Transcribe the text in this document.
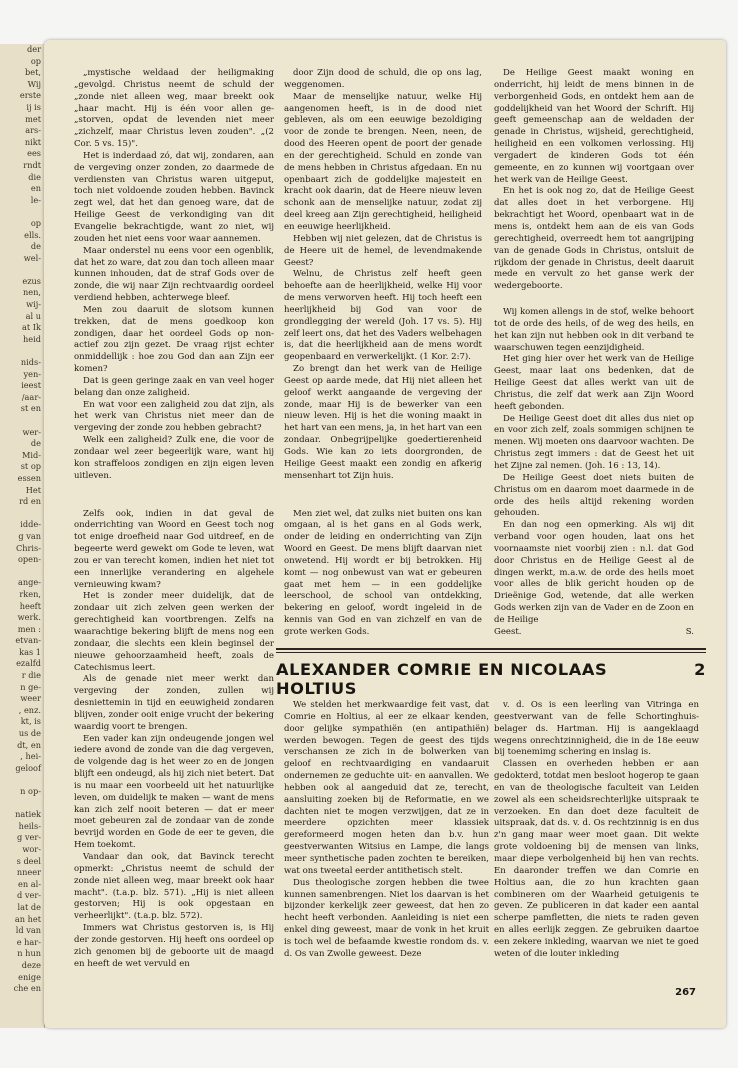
der
op
bet,
Wij
erste
ij is
met
ars-
nikt
ees
rndt
die
en
le-

op
ells.
de
wel-

ezus
nen,
wij-
al u
at Ik
heid

nids-
yen-
ieest
/aar-
st en

wer-
de
Mid-
st op
essen
Het
rd en

idde-
g van
Chris-
open-

ange-
rken,
heeft
werk.
men :
etvan-
kas 1
ezalfd
r die
n ge-
weer
, enz.
kt, is
us de
dt, en
, hei-
geloof

n op-

natiek
heils-
g ver-
wor-
s deel
nneer
en al-
d ver-
lat de
an het
ld van
e har-
n hun
deze
enige
che en

„mystische weldaad der heiligmaking „gevolgd. Christus neemt de schuld der „zonde niet alleen weg, maar breekt ook „haar macht. Hij is één voor allen ge-„storven, opdat de levenden niet meer „zichzelf, maar Christus leven zouden". „(2 Cor. 5 vs. 15)".

Het is inderdaad zó, dat wij, zondaren, aan de vergeving onzer zonden, zo daarmede de verdiensten van Christus waren uitgeput, toch niet voldoende zouden hebben. Bavinck zegt wel, dat het dan genoeg ware, dat de Heilige Geest de verkondiging van dit Evangelie bekrachtigde, want zo niet, wij zouden het niet eens voor waar aannemen.

Maar onderstel nu eens voor een ogenblik, dat het zo ware, dat zou dan toch alleen maar kunnen inhouden, dat de straf Gods over de zonde, die wij naar Zijn rechtvaardig oordeel verdiend hebben, achterwege bleef.

Men zou daaruit de slotsom kunnen trekken, dat de mens goedkoop kon zondigen, daar het oordeel Gods op non-actief zou zijn gezet. De vraag rijst echter onmiddellijk : hoe zou God dan aan Zijn eer komen?

Dat is geen geringe zaak en van veel hoger belang dan onze zaligheid.

En wat voor een zaligheid zou dat zijn, als het werk van Christus niet meer dan de vergeving der zonde zou hebben gebracht?

Welk een zaligheid? Zulk ene, die voor de zondaar wel zeer begeerlijk ware, want hij kon straffeloos zondigen en zijn eigen leven uitleven.

Zelfs ook, indien in dat geval de onderrichting van Woord en Geest toch nog tot enige droefheid naar God uitdreef, en de begeerte werd gewekt om Gode te leven, wat zou er van terecht komen, indien het niet tot een innerlijke verandering en algehele vernieuwing kwam?

Het is zonder meer duidelijk, dat de zondaar uit zich zelven geen werken der gerechtigheid kan voortbrengen. Zelfs na waarachtige bekering blijft de mens nog een zondaar, die slechts een klein beginsel der nieuwe gehoorzaamheid heeft, zoals de Catechismus leert.

Als de genade niet meer werkt dan vergeving der zonden, zullen wij desniettemin in tijd en eeuwigheid zondaren blijven, zonder ooit enige vrucht der bekering waardig voort te brengen.

Een vader kan zijn ondeugende jongen wel iedere avond de zonde van die dag vergeven, de volgende dag is het weer zo en de jongen blijft een ondeugd, als hij zich niet betert. Dat is nu maar een voorbeeld uit het natuurlijke leven, om duidelijk te maken — want de mens kan zich zelf nooit beteren — dat er meer moet gebeuren zal de zondaar van de zonde bevrijd worden en Gode de eer te geven, die Hem toekomt.

Vandaar dan ook, dat Bavinck terecht opmerkt: „Christus neemt de schuld der zonde niet alleen weg, maar breekt ook haar macht". (t.a.p. blz. 571). „Hij is niet alleen gestorven; Hij is ook opgestaan en verheerlijkt". (t.a.p. blz. 572).

Immers wat Christus gestorven is, is Hij der zonde gestorven. Hij heeft ons oordeel op zich genomen bij de geboorte uit de maagd en heeft de wet vervuld en

door Zijn dood de schuld, die op ons lag, weggenomen.

Maar de menselijke natuur, welke Hij aangenomen heeft, is in de dood niet gebleven, als om een eeuwige bezoldiging voor de zonde te brengen. Neen, neen, de dood des Heeren opent de poort der genade en der gerechtigheid. Schuld en zonde van de mens hebben in Christus afgedaan. En nu openbaart zich de goddelijke majesteit en kracht ook daarin, dat de Heere nieuw leven schonk aan de menselijke natuur, zodat zij deel kreeg aan Zijn gerechtigheid, heiligheid en eeuwige heerlijkheid.

Hebben wij niet gelezen, dat de Christus is de Heere uit de hemel, de levendmakende Geest?

Welnu, de Christus zelf heeft geen behoefte aan de heerlijkheid, welke Hij voor de mens verworven heeft. Hij toch heeft een heerlijkheid bij God van voor de grondlegging der wereld (Joh. 17 vs. 5). Hij zelf leert ons, dat het des Vaders welbehagen is, dat die heerlijkheid aan de mens wordt geopenbaard en verwerkelijkt. (1 Kor. 2:7).

Zo brengt dan het werk van de Heilige Geest op aarde mede, dat Hij niet alleen het geloof werkt aangaande de vergeving der zonde, maar Hij is de bewerker van een nieuw leven. Hij is het die woning maakt in het hart van een mens, ja, in het hart van een zondaar. Onbegrijpelijke goedertierenheid Gods. Wie kan zo iets doorgronden, de Heilige Geest maakt een zondig en afkerig mensenhart tot Zijn huis.

Men ziet wel, dat zulks niet buiten ons kan omgaan, al is het gans en al Gods werk, onder de leiding en onderrichting van Zijn Woord en Geest. De mens blijft daarvan niet onwetend. Hij wordt er bij betrokken. Hij komt — nog onbewust van wat er gebeuren gaat met hem — in een goddelijke leerschool, de school van ontdekking, bekering en geloof, wordt ingeleid in de kennis van God en van zichzelf en van de grote werken Gods.

De Heilige Geest maakt woning en onderricht, hij leidt de mens binnen in de verborgenheid Gods, en ontdekt hem aan de goddelijkheid van het Woord der Schrift. Hij geeft gemeenschap aan de weldaden der genade in Christus, wijsheid, gerechtigheid, heiligheid en een volkomen verlossing. Hij vergadert de kinderen Gods tot één gemeente, en zo kunnen wij voortgaan over het werk van de Heilige Geest.

En het is ook nog zo, dat de Heilige Geest dat alles doet in het verborgene. Hij bekrachtigt het Woord, openbaart wat in de mens is, ontdekt hem aan de eis van Gods gerechtigheid, overreedt hem tot aangrijping van de genade Gods in Christus, ontsluit de rijkdom der genade in Christus, deelt daaruit mede en vervult zo het ganse werk der wedergeboorte.

Wij komen allengs in de stof, welke behoort tot de orde des heils, of de weg des heils, en het kan zijn nut hebben ook in dit verband te waarschuwen tegen eenzijdigheid.

Het ging hier over het werk van de Heilige Geest, maar laat ons bedenken, dat de Heilige Geest dat alles werkt van uit de Christus, die zelf dat werk aan Zijn Woord heeft gebonden.

De Heilige Geest doet dit alles dus niet op en voor zich zelf, zoals sommigen schijnen te menen. Wij moeten ons daarvoor wachten. De Christus zegt immers : dat de Geest het uit het Zijne zal nemen. (Joh. 16 : 13, 14).

De Heilige Geest doet niets buiten de Christus om en daarom moet daarmede in de orde des heils altijd rekening worden gehouden.

En dan nog een opmerking. Als wij dit verband voor ogen houden, laat ons het voornaamste niet voorbij zien : n.l. dat God door Christus en de Heilige Geest al de dingen werkt, m.a.w. de orde des heils moet voor alles de blik gericht houden op de Drieënige God, wetende, dat alle werken Gods werken zijn van de Vader en de Zoon en de Heilige

Geest.	S.
ALEXANDER COMRIE EN NICOLAAS HOLTIUS
2

We stelden het merkwaardige feit vast, dat Comrie en Holtius, al eer ze elkaar kenden, door gelijke sympathiën (en antipathiën) werden bewogen. Tegen de geest des tijds verschansen ze zich in de bolwerken van geloof en rechtvaardiging en vandaaruit ondernemen ze geduchte uit- en aanvallen. We hebben ook al aangeduid dat ze, terecht, aansluiting zoeken bij de Reformatie, en we dachten niet te mogen verzwijgen, dat ze in meerdere opzichten meer klassiek gereformeerd mogen heten dan b.v. hun geestverwanten Witsius en Lampe, die langs meer synthetische paden zochten te bereiken, wat ons tweetal eerder antithetisch stelt.

Dus theologische zorgen hebben die twee kunnen samenbrengen. Niet los daarvan is het bijzonder kerkelijk zeer geweest, dat hen zo hecht heeft verbonden. Aanleiding is niet een enkel ding geweest, maar de vonk in het kruit is toch wel de befaamde kwestie rondom ds. v. d. Os van Zwolle geweest. Deze

v. d. Os is een leerling van Vitringa en geestverwant van de felle Schortinghuis-belager ds. Hartman. Hij is aangeklaagd wegens onrechtzinnigheid, die in de 18e eeuw bij toenemimg schering en inslag is.

Classen en overheden hebben er aan gedokterd, totdat men besloot hogerop te gaan en van de theologische faculteit van Leiden zowel als een scheidsrechterlijke uitspraak te verzoeken. En dan doet deze faculteit de uitspraak, dat ds. v. d. Os rechtzinnig is en dus z'n gang maar weer moet gaan. Dit wekte grote voldoening bij de mensen van links, maar diepe verbolgenheid bij hen van rechts. En daaronder treffen we dan Comrie en Holtius aan, die zo hun krachten gaan combineren om der Waarheid getuigenis te geven. Ze publiceren in dat kader een aantal scherpe pamfletten, die niets te raden geven en alles eerlijk zeggen. Ze gebruiken daartoe een zekere inkleding, waarvan we niet te goed weten of die louter inkleding

267
